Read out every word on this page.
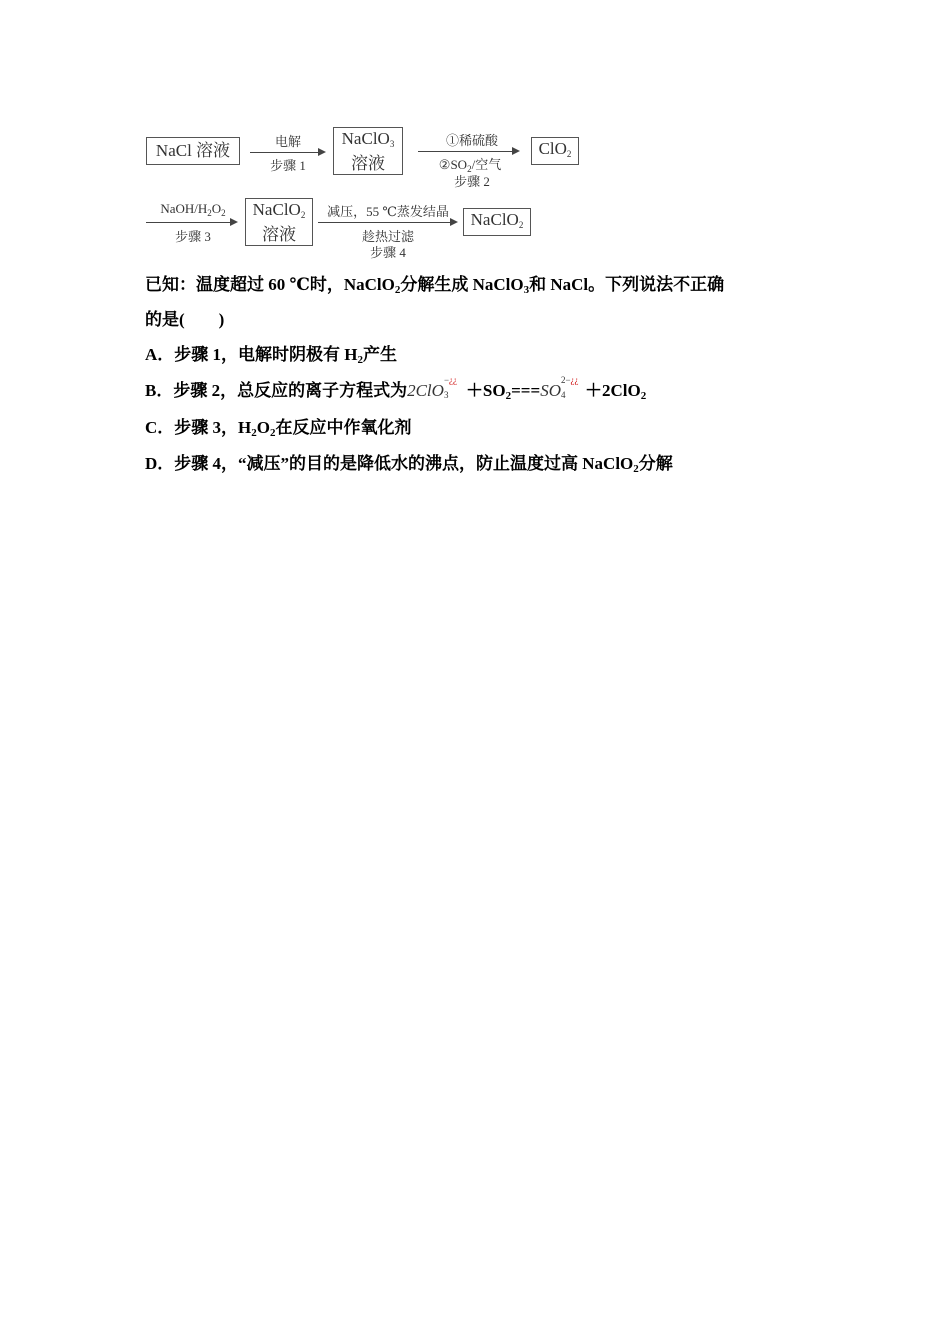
NaCl 溶液	电解
步骤 1
NaClO3
溶液
①稀硫酸
$②SO_2/$空气
步骤 2
ClO2
NaOH/$H_2O_2$
步骤 3
NaClO2
溶液
减压，55 ℃蒸发结晶
趁热过滤
步骤 4
NaClO2
已知：温度超过 60 ℃时，NaClO$_2$分解生成 NaClO$_3$和 NaCl。下列说法不正确
的是(　　)
A．步骤 1，电解时阴极有 $H_2$产生
B．步骤 2，总反应的离子方程式为2ClO
−¿¿
$3 +SO_2===SO$
2−¿¿
4 ＋2ClO$_2$
C．步骤 3，$H_2O_2$在反应中作氧化剂
D．步骤 4，“减压”的目的是降低水的沸点，防止温度过高 NaClO$_2$分解
